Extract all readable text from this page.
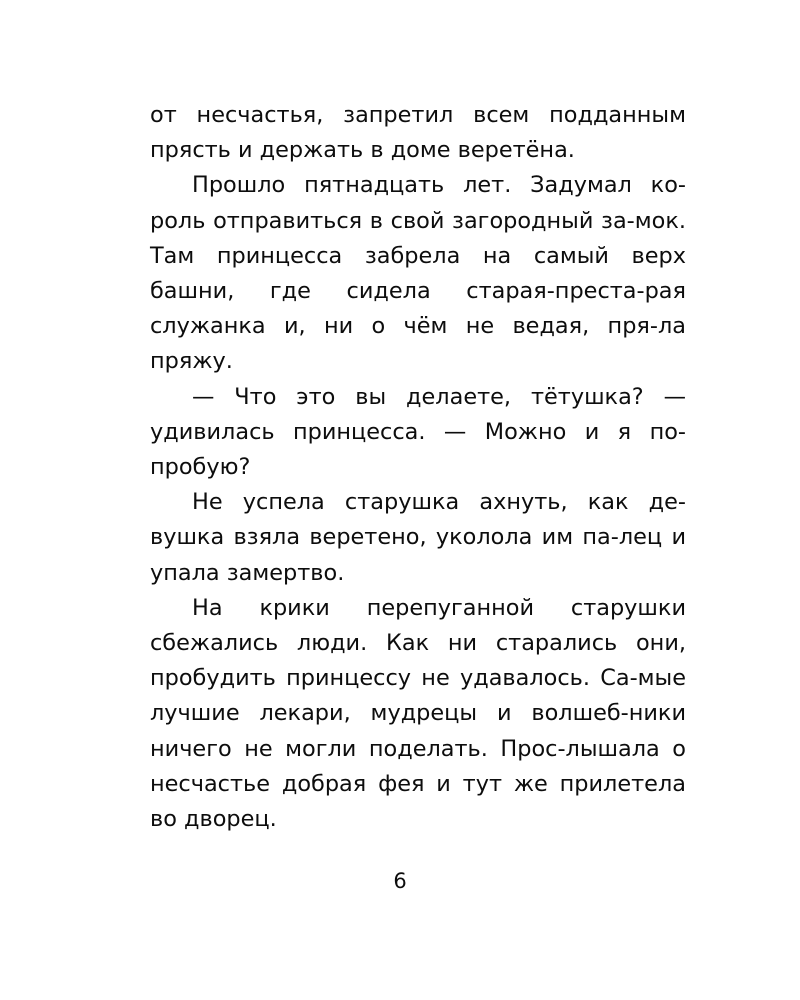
от несчастья, запретил всем подданным прясть и держать в доме веретёна.

Прошло пятнадцать лет. Задумал ко-роль отправиться в свой загородный за-мок. Там принцесса забрела на самый верх башни, где сидела старая-преста-рая служанка и, ни о чём не ведая, пря-ла пряжу.

— Что это вы делаете, тётушка? — удивилась принцесса. — Можно и я по-пробую?

Не успела старушка ахнуть, как де-вушка взяла веретено, уколола им па-лец и упала замертво.

На крики перепуганной старушки сбежались люди. Как ни старались они, пробудить принцессу не удавалось. Са-мые лучшие лекари, мудрецы и волшеб-ники ничего не могли поделать. Прос-лышала о несчастье добрая фея и тут же прилетела во дворец.

6
